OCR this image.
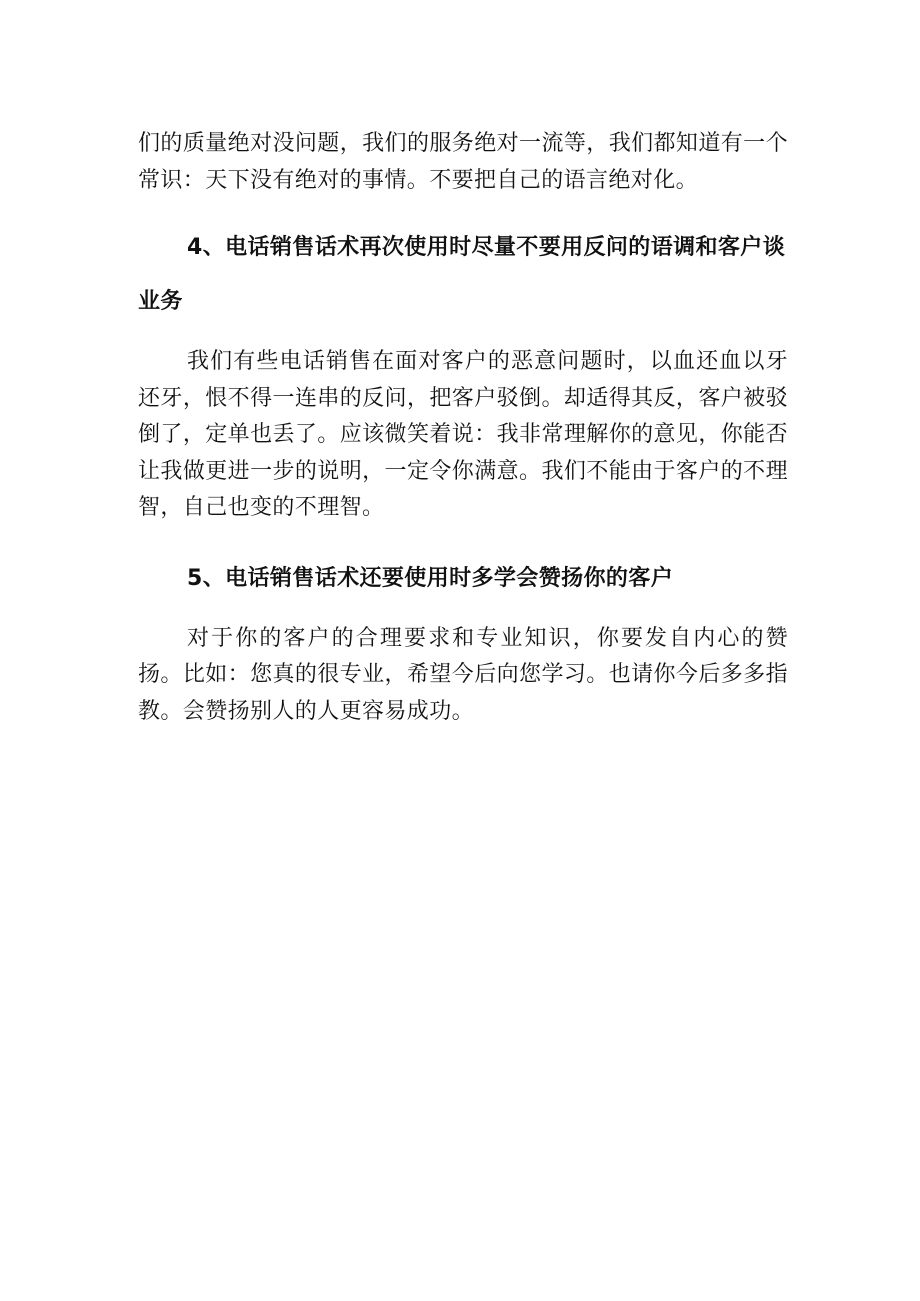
们的质量绝对没问题，我们的服务绝对一流等，我们都知道有一个常识：天下没有绝对的事情。不要把自己的语言绝对化。

4、电话销售话术再次使用时尽量不要用反问的语调和客户谈业务

我们有些电话销售在面对客户的恶意问题时，以血还血以牙还牙，恨不得一连串的反问，把客户驳倒。却适得其反，客户被驳倒了，定单也丢了。应该微笑着说：我非常理解你的意见，你能否让我做更进一步的说明，一定令你满意。我们不能由于客户的不理智，自己也变的不理智。

5、电话销售话术还要使用时多学会赞扬你的客户

对于你的客户的合理要求和专业知识，你要发自内心的赞扬。比如：您真的很专业，希望今后向您学习。也请你今后多多指教。会赞扬别人的人更容易成功。
